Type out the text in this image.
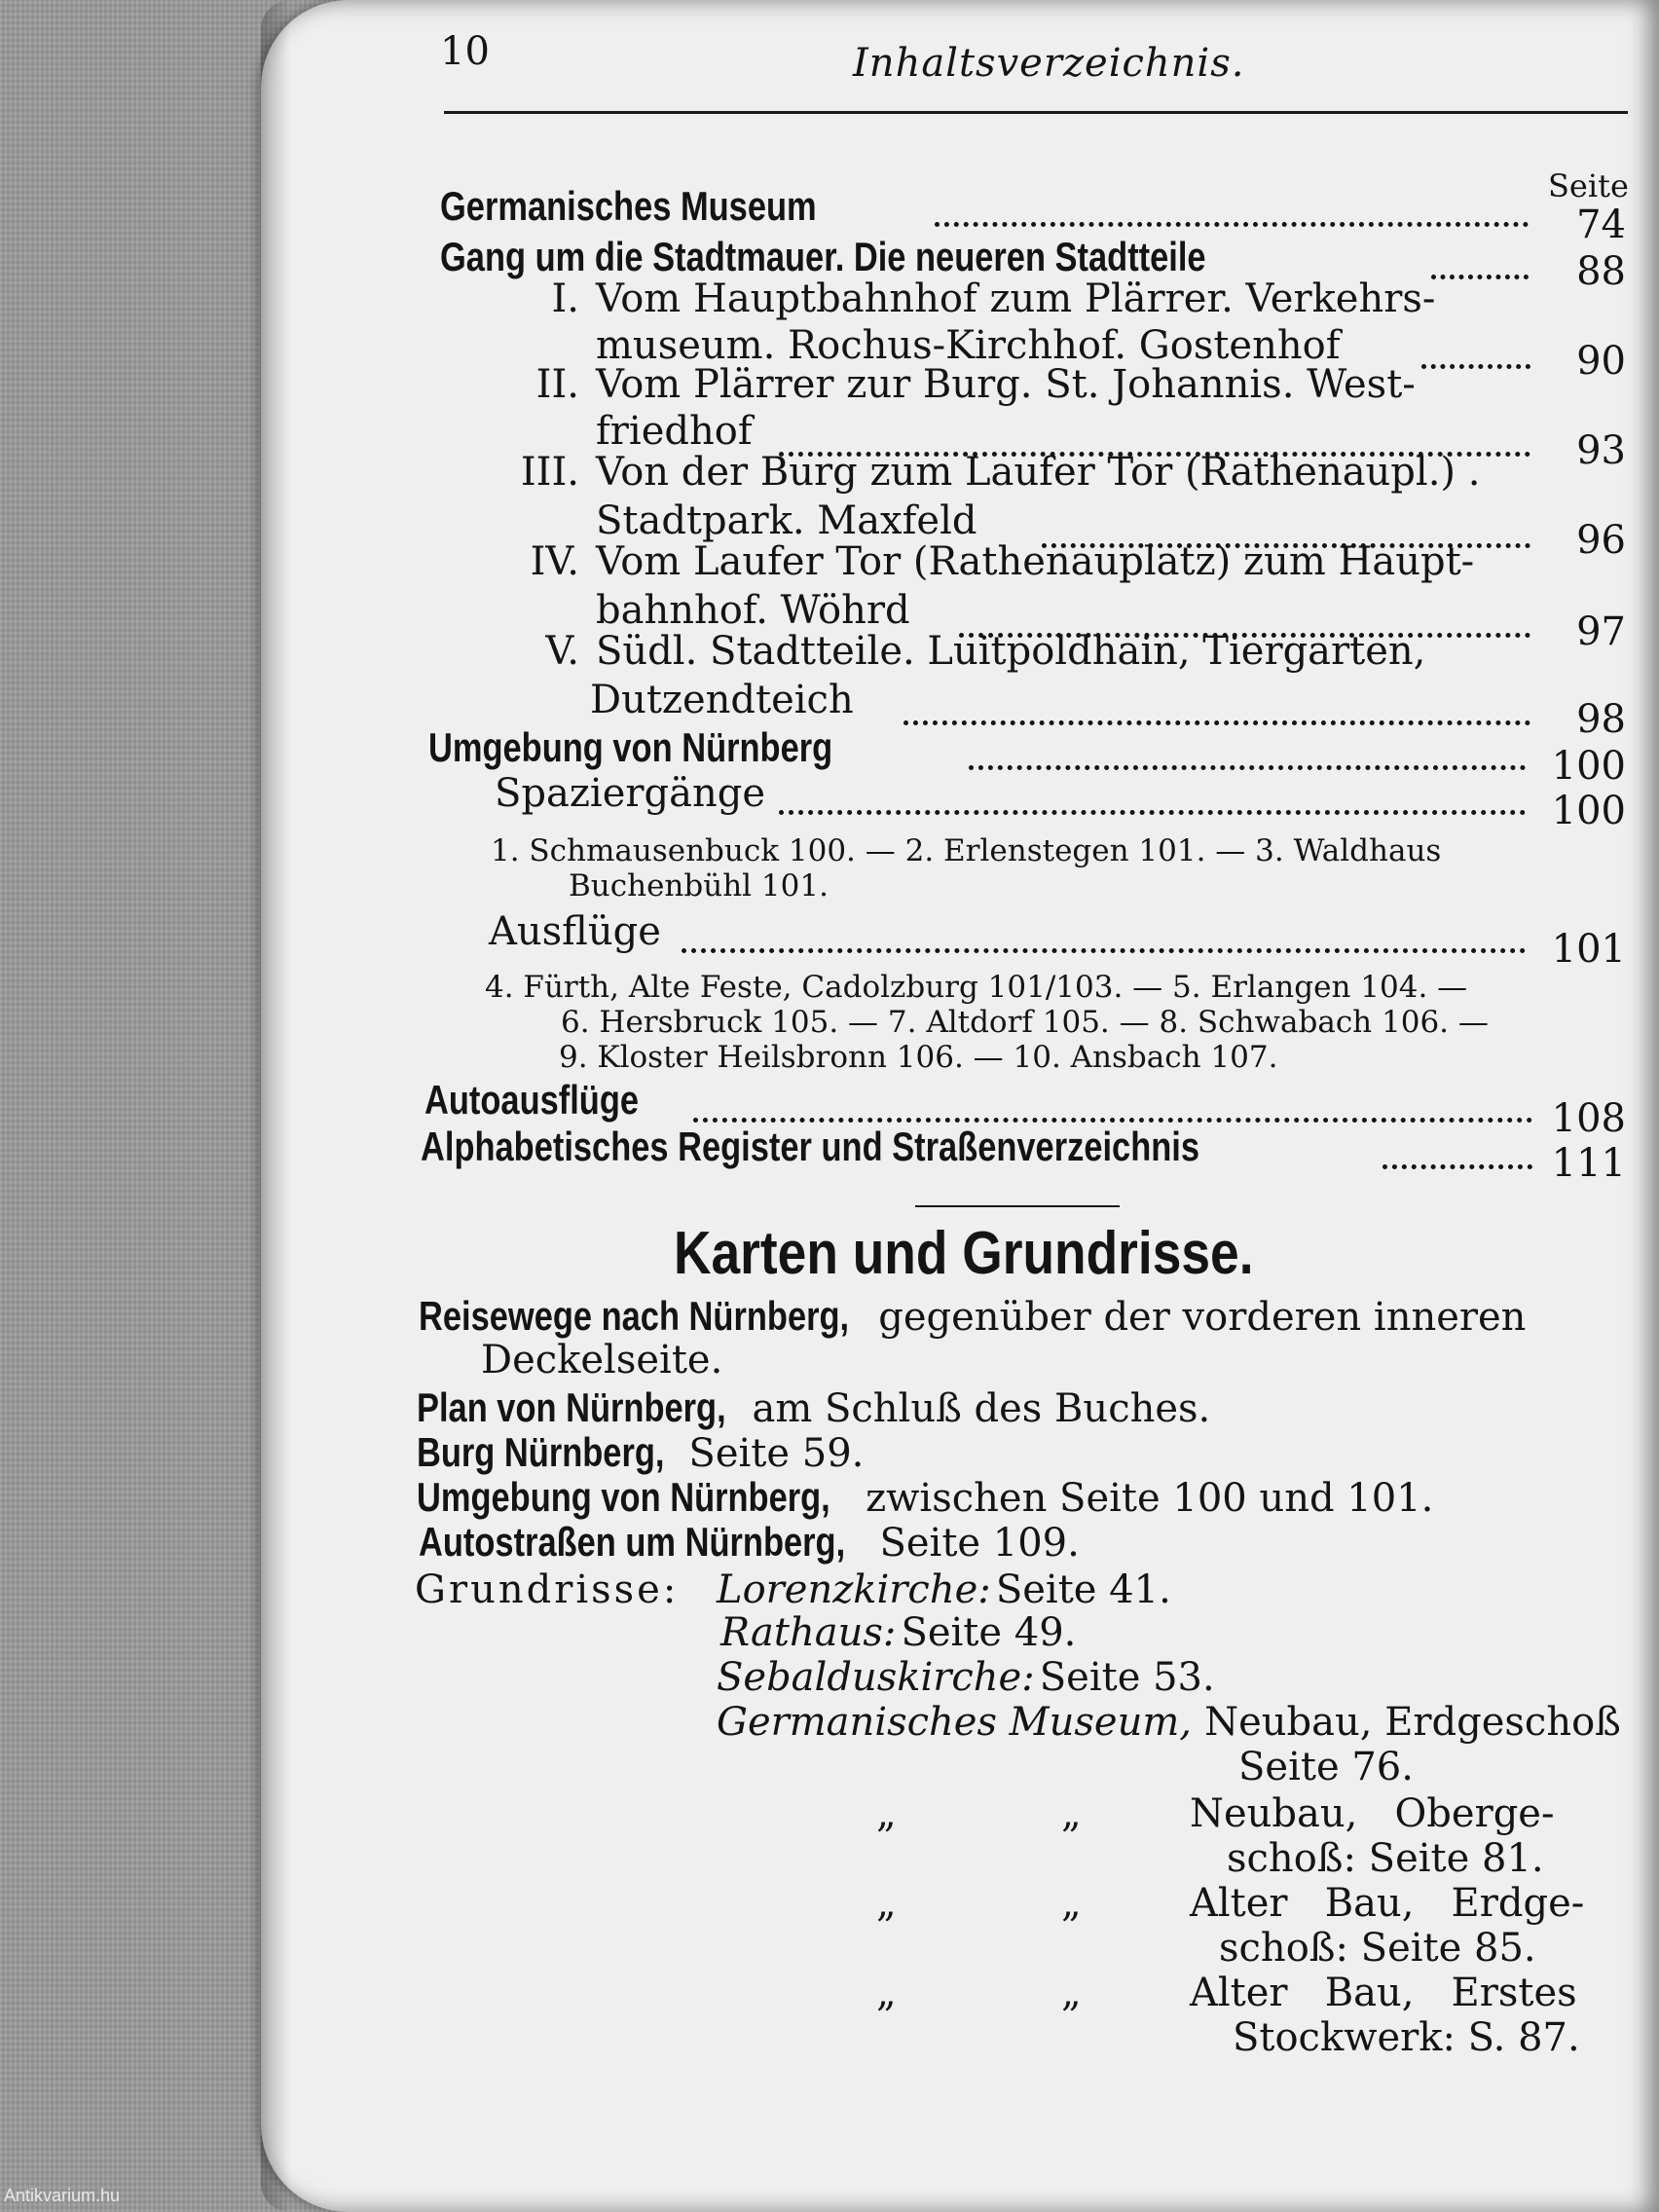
10	Inhaltsverzeichnis.
Seite
Germanisches Museum	74
Gang um die Stadtmauer. Die neueren Stadtteile	88
I. Vom Hauptbahnhof zum Plärrer. Verkehrs-
museum. Rochus-Kirchhof. Gostenhof	90
II. Vom Plärrer zur Burg. St. Johannis. West-
friedhof	93
III. Von der Burg zum Laufer Tor (Rathenaupl.) .
Stadtpark. Maxfeld	96
IV. Vom Laufer Tor (Rathenauplatz) zum Haupt-
bahnhof. Wöhrd	97
V. Südl. Stadtteile. Luitpoldhain, Tiergarten,
Dutzendteich	98
Umgebung von Nürnberg	100
Spaziergänge	100
1. Schmausenbuck 100. — 2. Erlenstegen 101. — 3. Waldhaus
Buchenbühl 101.
Ausflüge	101
4. Fürth, Alte Feste, Cadolzburg 101/103. — 5. Erlangen 104. —
6. Hersbruck 105. — 7. Altdorf 105. — 8. Schwabach 106. —
9. Kloster Heilsbronn 106. — 10. Ansbach 107.
Autoausflüge	108
Alphabetisches Register und Straßenverzeichnis	111
Karten und Grundrisse.
Reisewege nach Nürnberg, gegenüber der vorderen inneren
Deckelseite.
Plan von Nürnberg, am Schluß des Buches.
Burg Nürnberg, Seite 59.
Umgebung von Nürnberg, zwischen Seite 100 und 101.
Autostraßen um Nürnberg, Seite 109.
Grundrisse: Lorenzkirche: Seite 41.
Rathaus: Seite 49.
Sebalduskirche: Seite 53.
Germanisches Museum, Neubau, Erdgeschoß
Seite 76.
„	„	Neubau,   Oberge-
schoß: Seite 81.
„	„	Alter   Bau,   Erdge-
schoß: Seite 85.
„	„	Alter   Bau,   Erstes
Stockwerk: S. 87.
Antikvarium.hu
